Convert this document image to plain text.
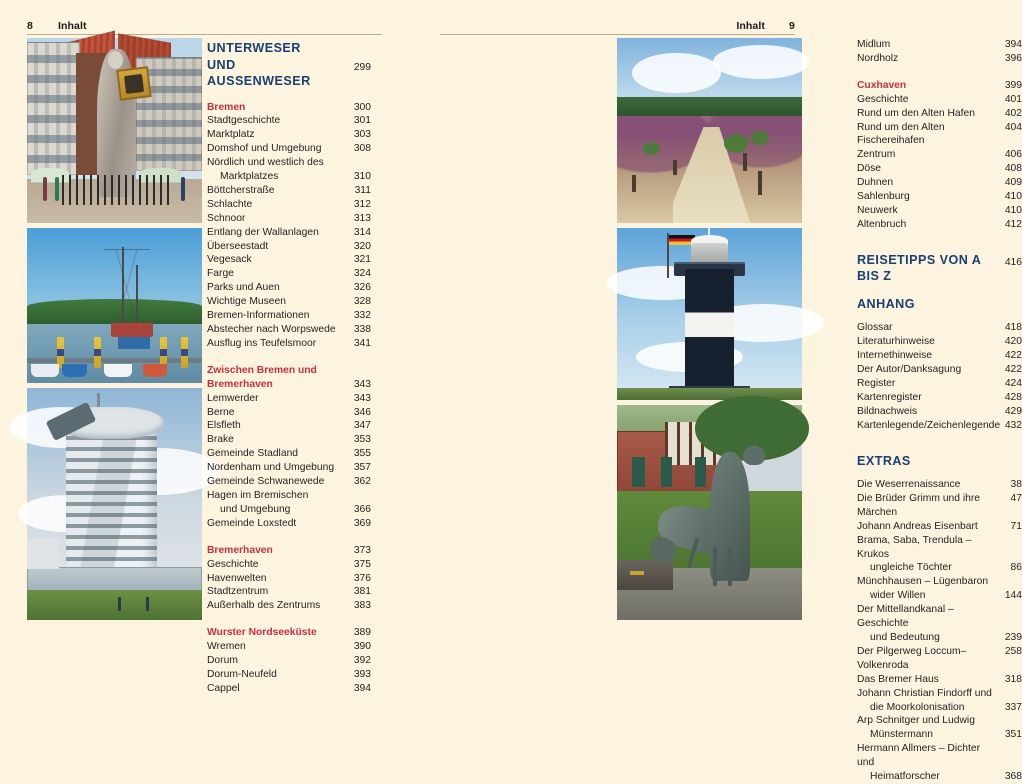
8 Inhalt
UNTERWESER
UND AUSSENWESER
299
Bremen	300
Stadtgeschichte	301
Marktplatz	303
Domshof und Umgebung	308
Nördlich und westlich des
Marktplatzes	310
Böttcherstraße	311
Schlachte	312
Schnoor	313
Entlang der Wallanlagen	314
Überseestadt	320
Vegesack	321
Farge	324
Parks und Auen	326
Wichtige Museen	328
Bremen-Informationen	332
Abstecher nach Worpswede	338
Ausflug ins Teufelsmoor	341
Zwischen Bremen und
Bremerhaven	343
Lemwerder	343
Berne	346
Elsfleth	347
Brake	353
Gemeinde Stadland	355
Nordenham und Umgebung	357
Gemeinde Schwanewede	362
Hagen im Bremischen
und Umgebung	366
Gemeinde Loxstedt	369
Bremerhaven	373
Geschichte	375
Havenwelten	376
Stadtzentrum	381
Außerhalb des Zentrums	383
Wurster Nordseeküste	389
Wremen	390
Dorum	392
Dorum-Neufeld	393
Cappel	394
Inhalt 9
Midlum	394
Nordholz	396
Cuxhaven	399
Geschichte	401
Rund um den Alten Hafen	402
Rund um den Alten Fischereihafen
404
Zentrum	406
Döse	408
Duhnen	409
Sahlenburg	410
Neuwerk	410
Altenbruch	412
REISETIPPS VON A BIS Z
416
ANHANG
Glossar	418
Literaturhinweise	420
Internethinweise	422
Der Autor/Danksagung	422
Register	424
Kartenregister	428
Bildnachweis	429
Kartenlegende/Zeichenlegende 432
EXTRAS
Die Weserrenaissance	38
Die Brüder Grimm und ihre Märchen
47
Johann Andreas Eisenbart	71
Brama, Saba, Trendula – Krukos
ungleiche Töchter	86
Münchhausen – Lügenbaron
wider Willen	144
Der Mittellandkanal – Geschichte
und Bedeutung	239
Der Pilgerweg Loccum–Volkenroda
258
Das Bremer Haus	318
Johann Christian Findorff und
die Moorkolonisation	337
Arp Schnitger und Ludwig
Münstermann	351
Hermann Allmers – Dichter und
Heimatforscher	368
